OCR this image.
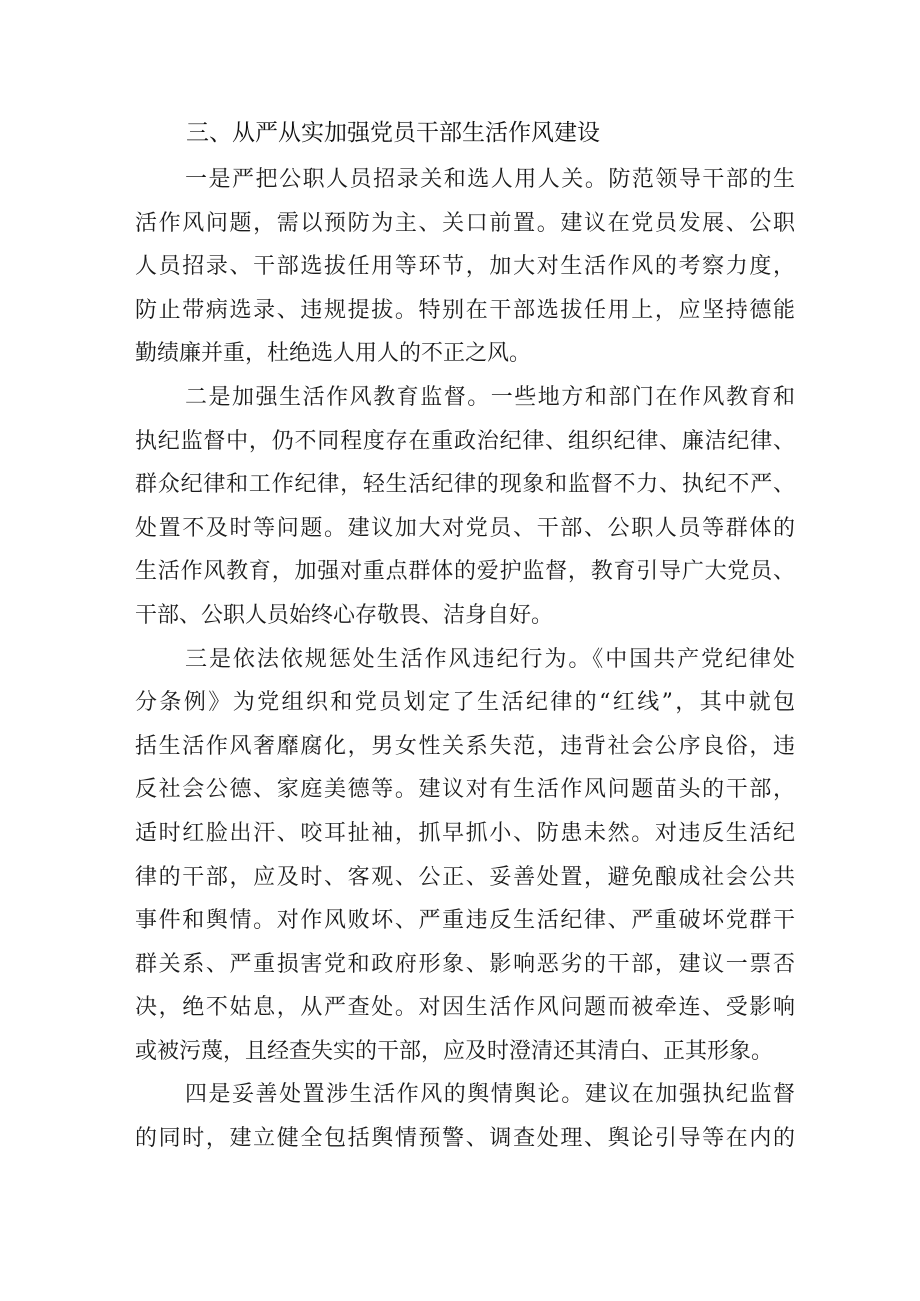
三、从严从实加强党员干部生活作风建设
一是严把公职人员招录关和选人用人关。防范领导干部的生
活作风问题，需以预防为主、关口前置。建议在党员发展、公职
人员招录、干部选拔任用等环节，加大对生活作风的考察力度，
防止带病选录、违规提拔。特别在干部选拔任用上，应坚持德能
勤绩廉并重，杜绝选人用人的不正之风。
二是加强生活作风教育监督。一些地方和部门在作风教育和
执纪监督中，仍不同程度存在重政治纪律、组织纪律、廉洁纪律、
群众纪律和工作纪律，轻生活纪律的现象和监督不力、执纪不严、
处置不及时等问题。建议加大对党员、干部、公职人员等群体的
生活作风教育，加强对重点群体的爱护监督，教育引导广大党员、
干部、公职人员始终心存敬畏、洁身自好。
三是依法依规惩处生活作风违纪行为。《中国共产党纪律处
分条例》为党组织和党员划定了生活纪律的“红线”，其中就包
括生活作风奢靡腐化，男女性关系失范，违背社会公序良俗，违
反社会公德、家庭美德等。建议对有生活作风问题苗头的干部，
适时红脸出汗、咬耳扯袖，抓早抓小、防患未然。对违反生活纪
律的干部，应及时、客观、公正、妥善处置，避免酿成社会公共
事件和舆情。对作风败坏、严重违反生活纪律、严重破坏党群干
群关系、严重损害党和政府形象、影响恶劣的干部，建议一票否
决，绝不姑息，从严查处。对因生活作风问题而被牵连、受影响
或被污蔑，且经查失实的干部，应及时澄清还其清白、正其形象。
四是妥善处置涉生活作风的舆情舆论。建议在加强执纪监督
的同时，建立健全包括舆情预警、调查处理、舆论引导等在内的
